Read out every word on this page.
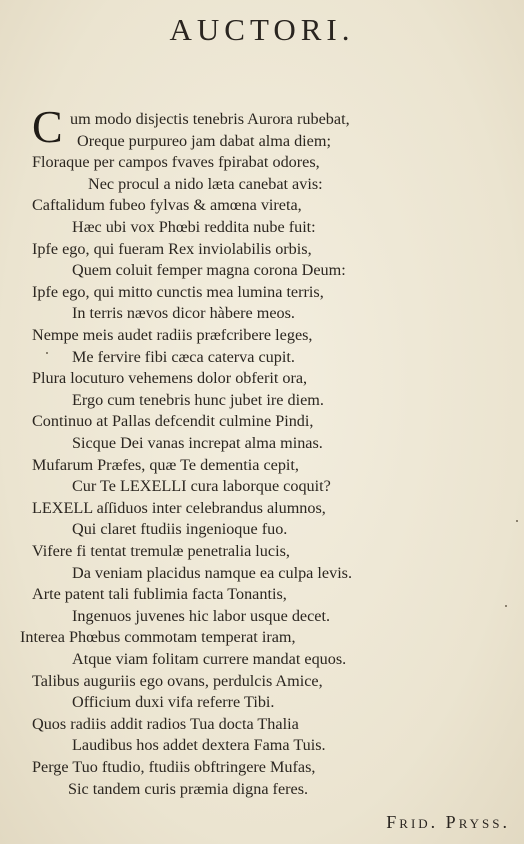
AUCTORI.
C um modo disjectis tenebris Aurora rubebat,
Oreque purpureo jam dabat alma diem;
Floraque per campos fvaves fpirabat odores,
Nec procul a nido læta canebat avis:
Caftalidum fubeo fylvas & amœna vireta,
Hæc ubi vox Phœbi reddita nube fuit:
Ipfe ego, qui fueram Rex inviolabilis orbis,
Quem coluit femper magna corona Deum:
Ipfe ego, qui mitto cunctis mea lumina terris,
In terris nævos dicor hàbere meos.
Nempe meis audet radiis præfcribere leges,
Me fervire fibi cæca caterva cupit.
Plura locuturo vehemens dolor obferit ora,
Ergo cum tenebris hunc jubet ire diem.
Continuo at Pallas defcendit culmine Pindi,
Sicque Dei vanas increpat alma minas.
Mufarum Præfes, quæ Te dementia cepit,
Cur Te LEXELLI cura laborque coquit?
LEXELL aſſiduos inter celebrandus alumnos,
Qui claret ftudiis ingenioque fuo.
Vifere fi tentat tremulæ penetralia lucis,
Da veniam placidus namque ea culpa levis.
Arte patent tali fublimia facta Tonantis,
Ingenuos juvenes hic labor usque decet.
Interea Phœbus commotam temperat iram,
Atque viam folitam currere mandat equos.
Talibus auguriis ego ovans, perdulcis Amice,
Officium duxi vifa referre Tibi.
Quos radiis addit radios Tua docta Thalia
Laudibus hos addet dextera Fama Tuis.
Perge Tuo ftudio, ftudiis obftringere Mufas,
Sic tandem curis præmia digna feres.
Frid. Pryss.
